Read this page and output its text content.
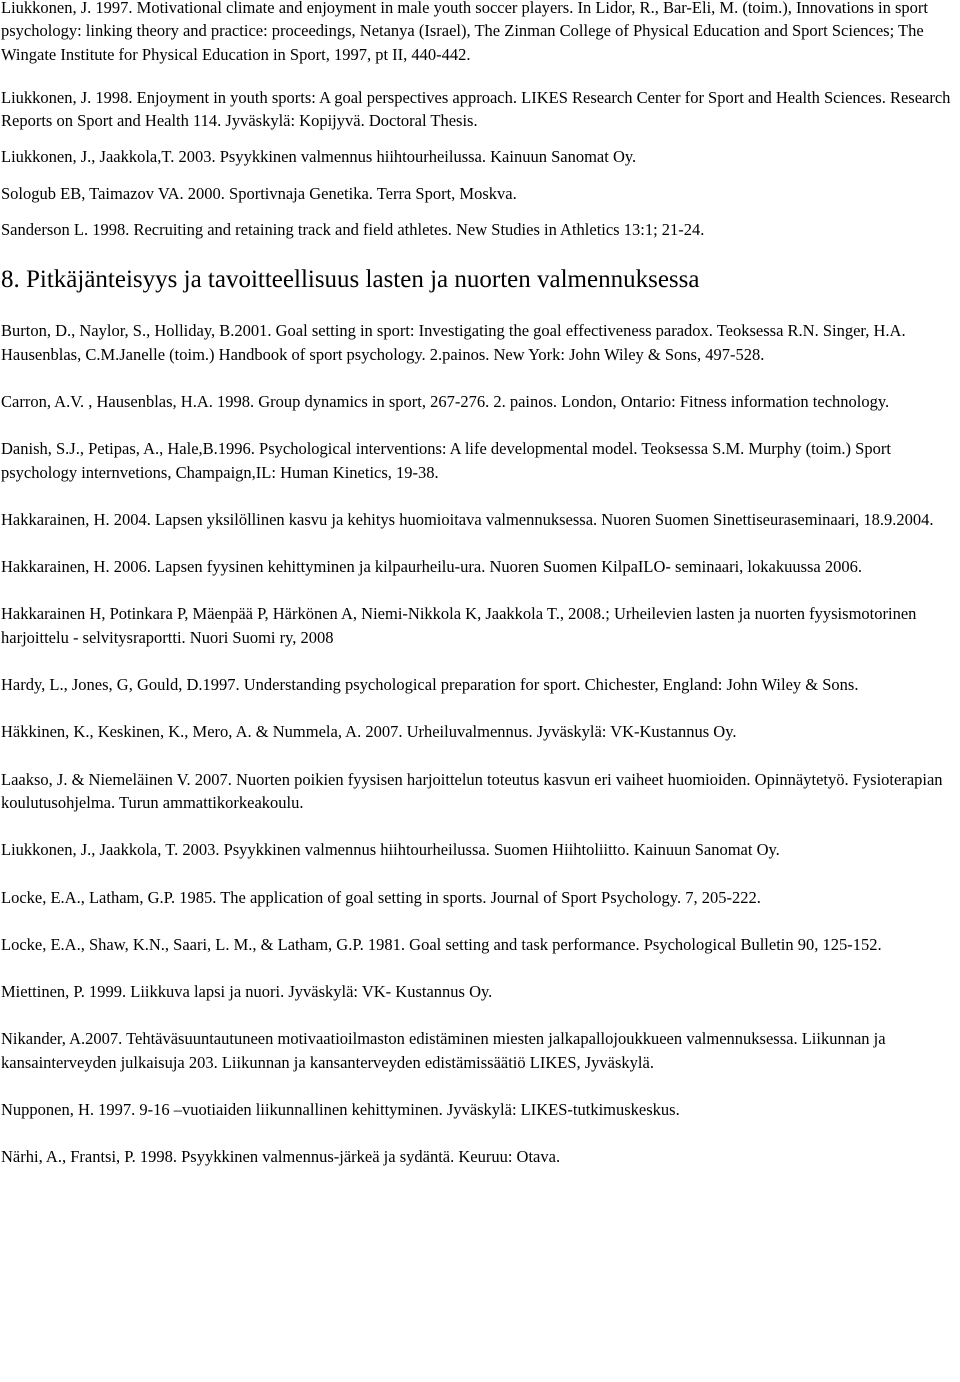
Liukkonen, J. 1997. Motivational climate and enjoyment in male youth soccer players. In Lidor, R., Bar-Eli, M. (toim.), Innovations in sport psychology: linking theory and practice: proceedings, Netanya (Israel), The Zinman College of Physical Education and Sport Sciences; The Wingate Institute for Physical Education in Sport, 1997, pt II, 440-442.

Liukkonen, J. 1998. Enjoyment in youth sports: A goal perspectives approach. LIKES Research Center for Sport and Health Sciences. Research Reports on Sport and Health 114. Jyväskylä: Kopijyvä. Doctoral Thesis.

Liukkonen, J., Jaakkola,T. 2003. Psyykkinen valmennus hiihtourheilussa. Kainuun Sanomat Oy.

Sologub EB, Taimazov VA. 2000. Sportivnaja Genetika. Terra Sport, Moskva.

Sanderson L. 1998. Recruiting and retaining track and field athletes. New Studies in Athletics 13:1; 21-24.

8. Pitkäjänteisyys ja tavoitteellisuus lasten ja nuorten valmennuksessa

Burton, D., Naylor, S., Holliday, B.2001. Goal setting in sport: Investigating the goal effectiveness paradox. Teoksessa R.N. Singer, H.A. Hausenblas, C.M.Janelle (toim.) Handbook of sport psychology. 2.painos. New York: John Wiley & Sons, 497-528.

Carron, A.V. , Hausenblas, H.A. 1998. Group dynamics in sport, 267-276. 2. painos. London, Ontario: Fitness information technology.

Danish, S.J., Petipas, A., Hale,B.1996. Psychological interventions: A life developmental model. Teoksessa S.M. Murphy (toim.) Sport psychology internvetions, Champaign,IL: Human Kinetics, 19-38.

Hakkarainen, H. 2004. Lapsen yksilöllinen kasvu ja kehitys huomioitava valmennuksessa. Nuoren Suomen Sinettiseuraseminaari, 18.9.2004.

Hakkarainen, H. 2006. Lapsen fyysinen kehittyminen ja kilpaurheilu-ura. Nuoren Suomen KilpaILO- seminaari, lokakuussa 2006.

Hakkarainen H, Potinkara P, Mäenpää P, Härkönen A, Niemi-Nikkola K, Jaakkola T., 2008.; Urheilevien lasten ja nuorten fyysismotorinen harjoittelu - selvitysraportti. Nuori Suomi ry, 2008

Hardy, L., Jones, G, Gould, D.1997. Understanding psychological preparation for sport. Chichester, England: John Wiley & Sons.

Häkkinen, K., Keskinen, K., Mero, A. & Nummela, A. 2007. Urheiluvalmennus. Jyväskylä: VK-Kustannus Oy.

Laakso, J. & Niemeläinen V. 2007. Nuorten poikien fyysisen harjoittelun toteutus kasvun eri vaiheet huomioiden. Opinnäytetyö. Fysioterapian koulutusohjelma. Turun ammattikorkeakoulu.

Liukkonen, J., Jaakkola, T. 2003. Psyykkinen valmennus hiihtourheilussa. Suomen Hiihtoliitto. Kainuun Sanomat Oy.

Locke, E.A., Latham, G.P. 1985. The application of goal setting in sports. Journal of Sport Psychology. 7, 205-222.

Locke, E.A., Shaw, K.N., Saari, L. M., & Latham, G.P. 1981. Goal setting and task performance. Psychological Bulletin 90, 125-152.

Miettinen, P. 1999. Liikkuva lapsi ja nuori. Jyväskylä: VK- Kustannus Oy.

Nikander, A.2007. Tehtäväsuuntautuneen motivaatioilmaston edistäminen miesten jalkapallojoukkueen valmennuksessa. Liikunnan ja kansainterveyden julkaisuja 203. Liikunnan ja kansanterveyden edistämissäätiö LIKES, Jyväskylä.

Nupponen, H. 1997. 9-16 –vuotiaiden liikunnallinen kehittyminen. Jyväskylä: LIKES-tutkimuskeskus.

Närhi, A., Frantsi, P. 1998. Psyykkinen valmennus-järkeä ja sydäntä. Keuruu: Otava.
